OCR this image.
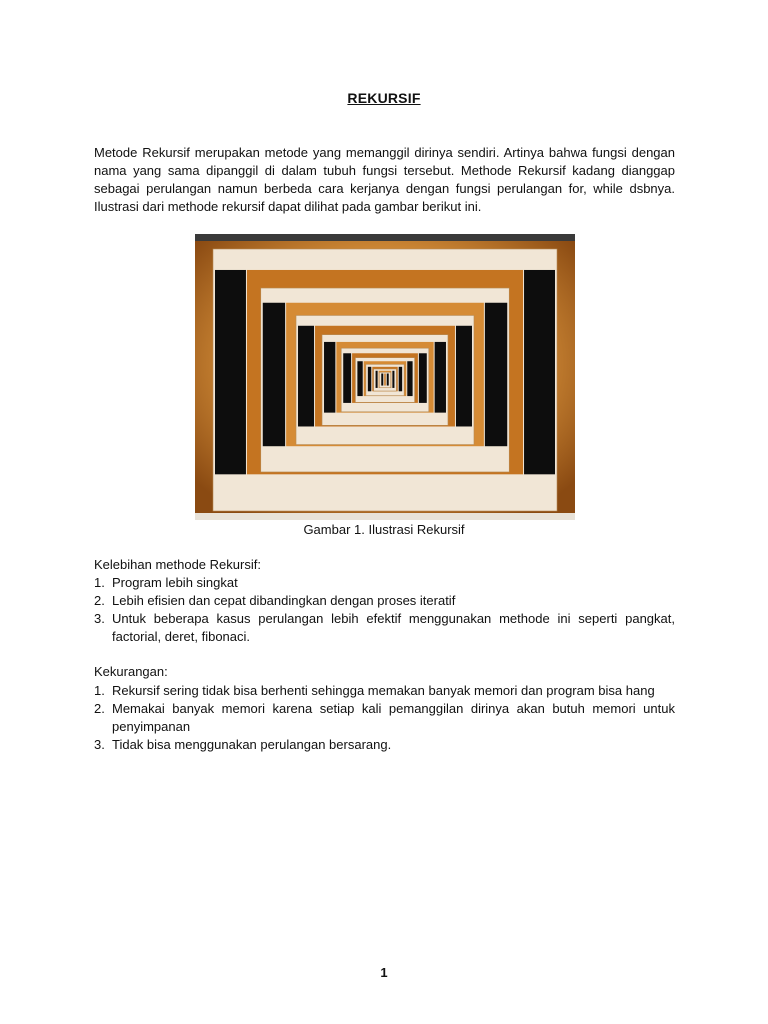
REKURSIF

Metode Rekursif merupakan metode yang memanggil dirinya sendiri. Artinya bahwa fungsi dengan nama yang sama dipanggil di dalam tubuh fungsi tersebut. Methode Rekursif kadang dianggap sebagai perulangan namun berbeda cara kerjanya dengan fungsi perulangan for, while dsbnya. Ilustrasi dari methode rekursif dapat dilihat pada gambar berikut ini.

Gambar 1. Ilustrasi Rekursif

Kelebihan methode Rekursif:

1. Program lebih singkat
2. Lebih efisien dan cepat dibandingkan dengan proses iteratif
3. Untuk beberapa kasus perulangan lebih efektif menggunakan methode ini seperti pangkat, factorial, deret, fibonaci.

Kekurangan:

1. Rekursif sering tidak bisa berhenti sehingga memakan banyak memori dan program bisa hang
2. Memakai banyak memori karena setiap kali pemanggilan dirinya akan butuh memori untuk penyimpanan
3. Tidak bisa menggunakan perulangan bersarang.
1
